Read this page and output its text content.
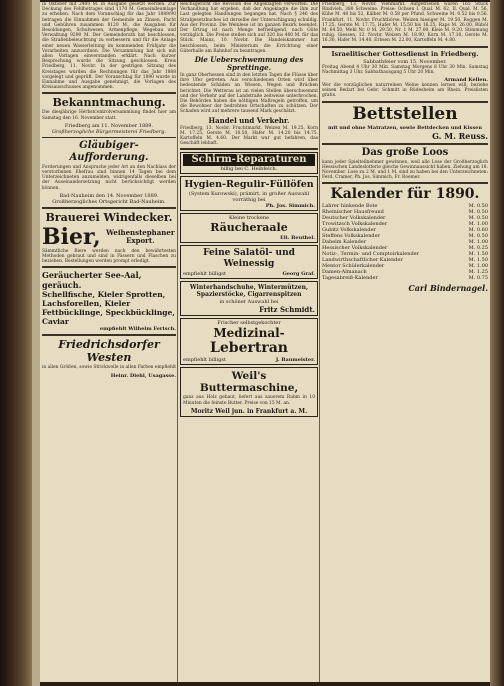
in Oktober mit 2400 M. in Ausgabe gesetzt werden. Zur Deckung des Fehlbetrages sind 1170 M. Gemeindeumlage zu erheben. Nach dem Voranschlag für das Jahr 1889/90 betragen die Einnahmen der Gemeinde an Zinsen, Pacht und Gebühren zusammen 8120 M., die Ausgaben für Besoldungen, Schulwesen, Armenpflege, Wegebau und Verwaltung 9290 M. Der Gemeinderath hat beschlossen, die Straßenbeleuchtung zu verbessern und für die Anlage einer neuen Wasserleitung im kommenden Frühjahr die Vorarbeiten anzuordnen. Die Versammlung hat sich mit allen Vorlagen einverstanden erklärt. Nach kurzer Besprechung wurde die Sitzung geschlossen. Kreis Friedberg, 11. Novbr. In der gestrigen Sitzung des Kreistages wurden die Rechnungen für das Jahr 1888 vorgelegt und geprüft. Der Voranschlag für 1890 wurde in Einnahme und Ausgabe genehmigt, die Vorlagen des Kreisausschusses angenommen.

Bekanntmachung.

Die diesjährige Herbstcontrolversammlung findet hier am Samstag den 16. November statt.

Friedberg am 11. November 1889.
Großherzogliche Bürgermeisterei Friedberg.
Gläubiger-Aufforderung.

Forderungen und Anspruche jeder Art an den Nachlass der verstorbenen Ehefrau sind binnen 14 Tagen bei dem Unterzeichneten anzumelden, widrigenfalls dieselben bei der Auseinandersetzung nicht berücksichtigt werden können.

Bad-Nauheim den 14. November 1889.
Großherzogliches Ortsgericht Bad-Nauheim.
Brauerei Windecker.
Bier, Weihenstephaner Export.

Sämmtliche Biere werden nach den bewährtesten Methoden gebraut und sind in Fässern und Flaschen zu beziehen. Bestellungen werden prompt erledigt.

Geräucherter See-Aal, geräuch.
Schellfische, Kieler Sprotten, Lachsforellen, Kieler Fettbücklinge, Speckbücklinge, Caviar
empfiehlt Wilhelm Fertsch.
Friedrichsdorfer Westen

in allen Größen, sowie Strickwolle in allen Farben empfiehlt

Heinr. Diehl, Usagasse.

Reichsgericht die Revision des Angeklagten verworfen. Die Verhandlung hat ergeben, daß der Angeklagte die ihm zur Last gelegten Handlungen begangen hat. Nach § 246 des Strafgesetzbuches ist derselbe der Unterschlagung schuldig. Aus der Provinz. Die Weinlese ist im ganzen Bezirk beendet. Der Ertrag ist nach Menge befriedigend, nach Güte vorzüglich. Die Preise stellen sich auf 320 bis 460 M. für das Stück. Mainz, 10. Novbr. Die Handelskammer hat beschlossen, beim Ministerium die Errichtung einer Güterhalle am Bahnhof zu beantragen.

Die Ueberschwemmung des Sprettinge.

In ganz Oberhessen sind in den letzten Tagen die Flüsse über ihre Ufer getreten. Aus verschiedenen Orten wird über bedeutende Schäden an Wiesen, Wegen und Brücken berichtet. Die Wetterau ist an vielen Stellen überschwemmt und der Verkehr auf der Landstraße zeitweise unterbrochen. Die Behörden haben die nöthigen Maßregeln getroffen, um die Bewohner der bedrohten Ortschaften zu schützen. Der Schaden wird auf mehrere tausend Mark geschätzt.

Handel und Verkehr.

Friedberg, 13. Novbr. Fruchtmarkt. Weizen M. 19.25, Korn M. 17.25, Gerste M. 16.50, Hafer M. 14.20 bis 14.75. Kartoffeln M. 4.60. Der Markt war gut befahren, das Geschäft lebhaft.

Schirm-Reparaturen
billig bei C. Heibfelch.
Hygien-Regulir-Füllöfen
(System Kurowski), prämirt, in großer Auswahl vorräthig bei
Ph. Jos. Simmich.
Kleine trockene
Räucheraale
Eli. Beuthel.
Feine Salatöl- und Weinessig
empfiehlt billigst	Georg Graf.
Winterhandschuhe, Wintermützen, Spazierstöcke, Cigarrenspitzen
in schöner Auswahl bei
Fritz Schmidt.
Frischer selbstgekochter
Medizinal-
Lebertran
empfiehlt billigst	J. Baumeister.
Weil's Buttermaschine,

ganz aus Holz gebaut, liefert aus sauerem Rahm in 10 Minuten die feinste Butter. Preise von 15 M. an.

Moritz Weil jun. in Frankfurt a. M.

Friedberg, 13. Novbr. Viehmarkt. Aufgetrieben waren 165 Stück Rindvieh, 380 Schweine. Preise: Ochsen I. Qual. M. 62, II. Qual. M. 56, Kühe M. 48 bis 52, Kälber M. 0.58 per Pfund. Schweine M. 0.52 bis 0.56. Frankfurt, 11. Novbr. Fruchtbörse. Weizen hiesiger M. 19.50, Roggen M. 17.25, Gerste M. 17.75, Hafer M. 15.50 bis 16.25, Raps M. 26.00, Rüböl M. 64.50, Mehl Nr. 0 M. 29.50, Nr. 1 M. 27.00, Kleie M. 9.20. Stimmung ruhig. Giessen, 12. Novbr. Weizen M. 18.90, Korn M. 17.10, Gerste M. 16.30, Hafer M. 14.40, Erbsen M. 22.00, Kartoffeln M. 4.80.

Israelitischer Gottesdienst in Friedberg.
Sabbathfeier vom 15. November.

Freitag Abend 4 Uhr 30 Min. Samstag Morgens 8 Uhr 30 Min. Samstag Nachmittag 3 Uhr. Sabbathausgang 5 Uhr 20 Min.

Armand Kellen.

Wer die vorzüglichen naturreinen Weine kennen lernen will, beziehe seinen Bedarf bei Gebr. Schmitt in Rüdesheim am Rhein. Preislisten gratis.

Bettstellen
mit und ohne Matratzen, sowie Bettdecken und Kissen
G. M. Reuss.
Das große Loos

kann jeder Spielteilnehmer gewinnen, weil alle Lose der Großherzoglich Hessischen Landeslotterie gleiche Gewinnaussicht haben. Ziehung am 18. November. Lose zu 2 M. und 1 M. sind zu haben bei den Unterzeichneten: Ferd. Cramer, Ph. Jos. Simmich, Fr. Roemer.

Kalender für 1890.
Lahrer hinkende Bote	M. 0.50
Rheinischer Hausfreund	M. 0.50
Deutscher Volkskalender	M. 0.50
Trowitzsch Volkskalender	M. 1.00
Gubitz Volkskalender	M. 0.60
Steffens Volkskalender	M. 0.50
Daheim Kalender	M. 1.00
Hessischer Volkskalender	M. 0.25
Notiz-, Termin- und Comptoirkalender	M. 1.50
Landwirthschaftlicher Kalender	M. 1.50
Mentor Schülerkalender	M. 1.00
Damen-Almanach	M. 1.25
Tagesabreiß-Kalender	M. 0.75
Carl Bindernagel.
